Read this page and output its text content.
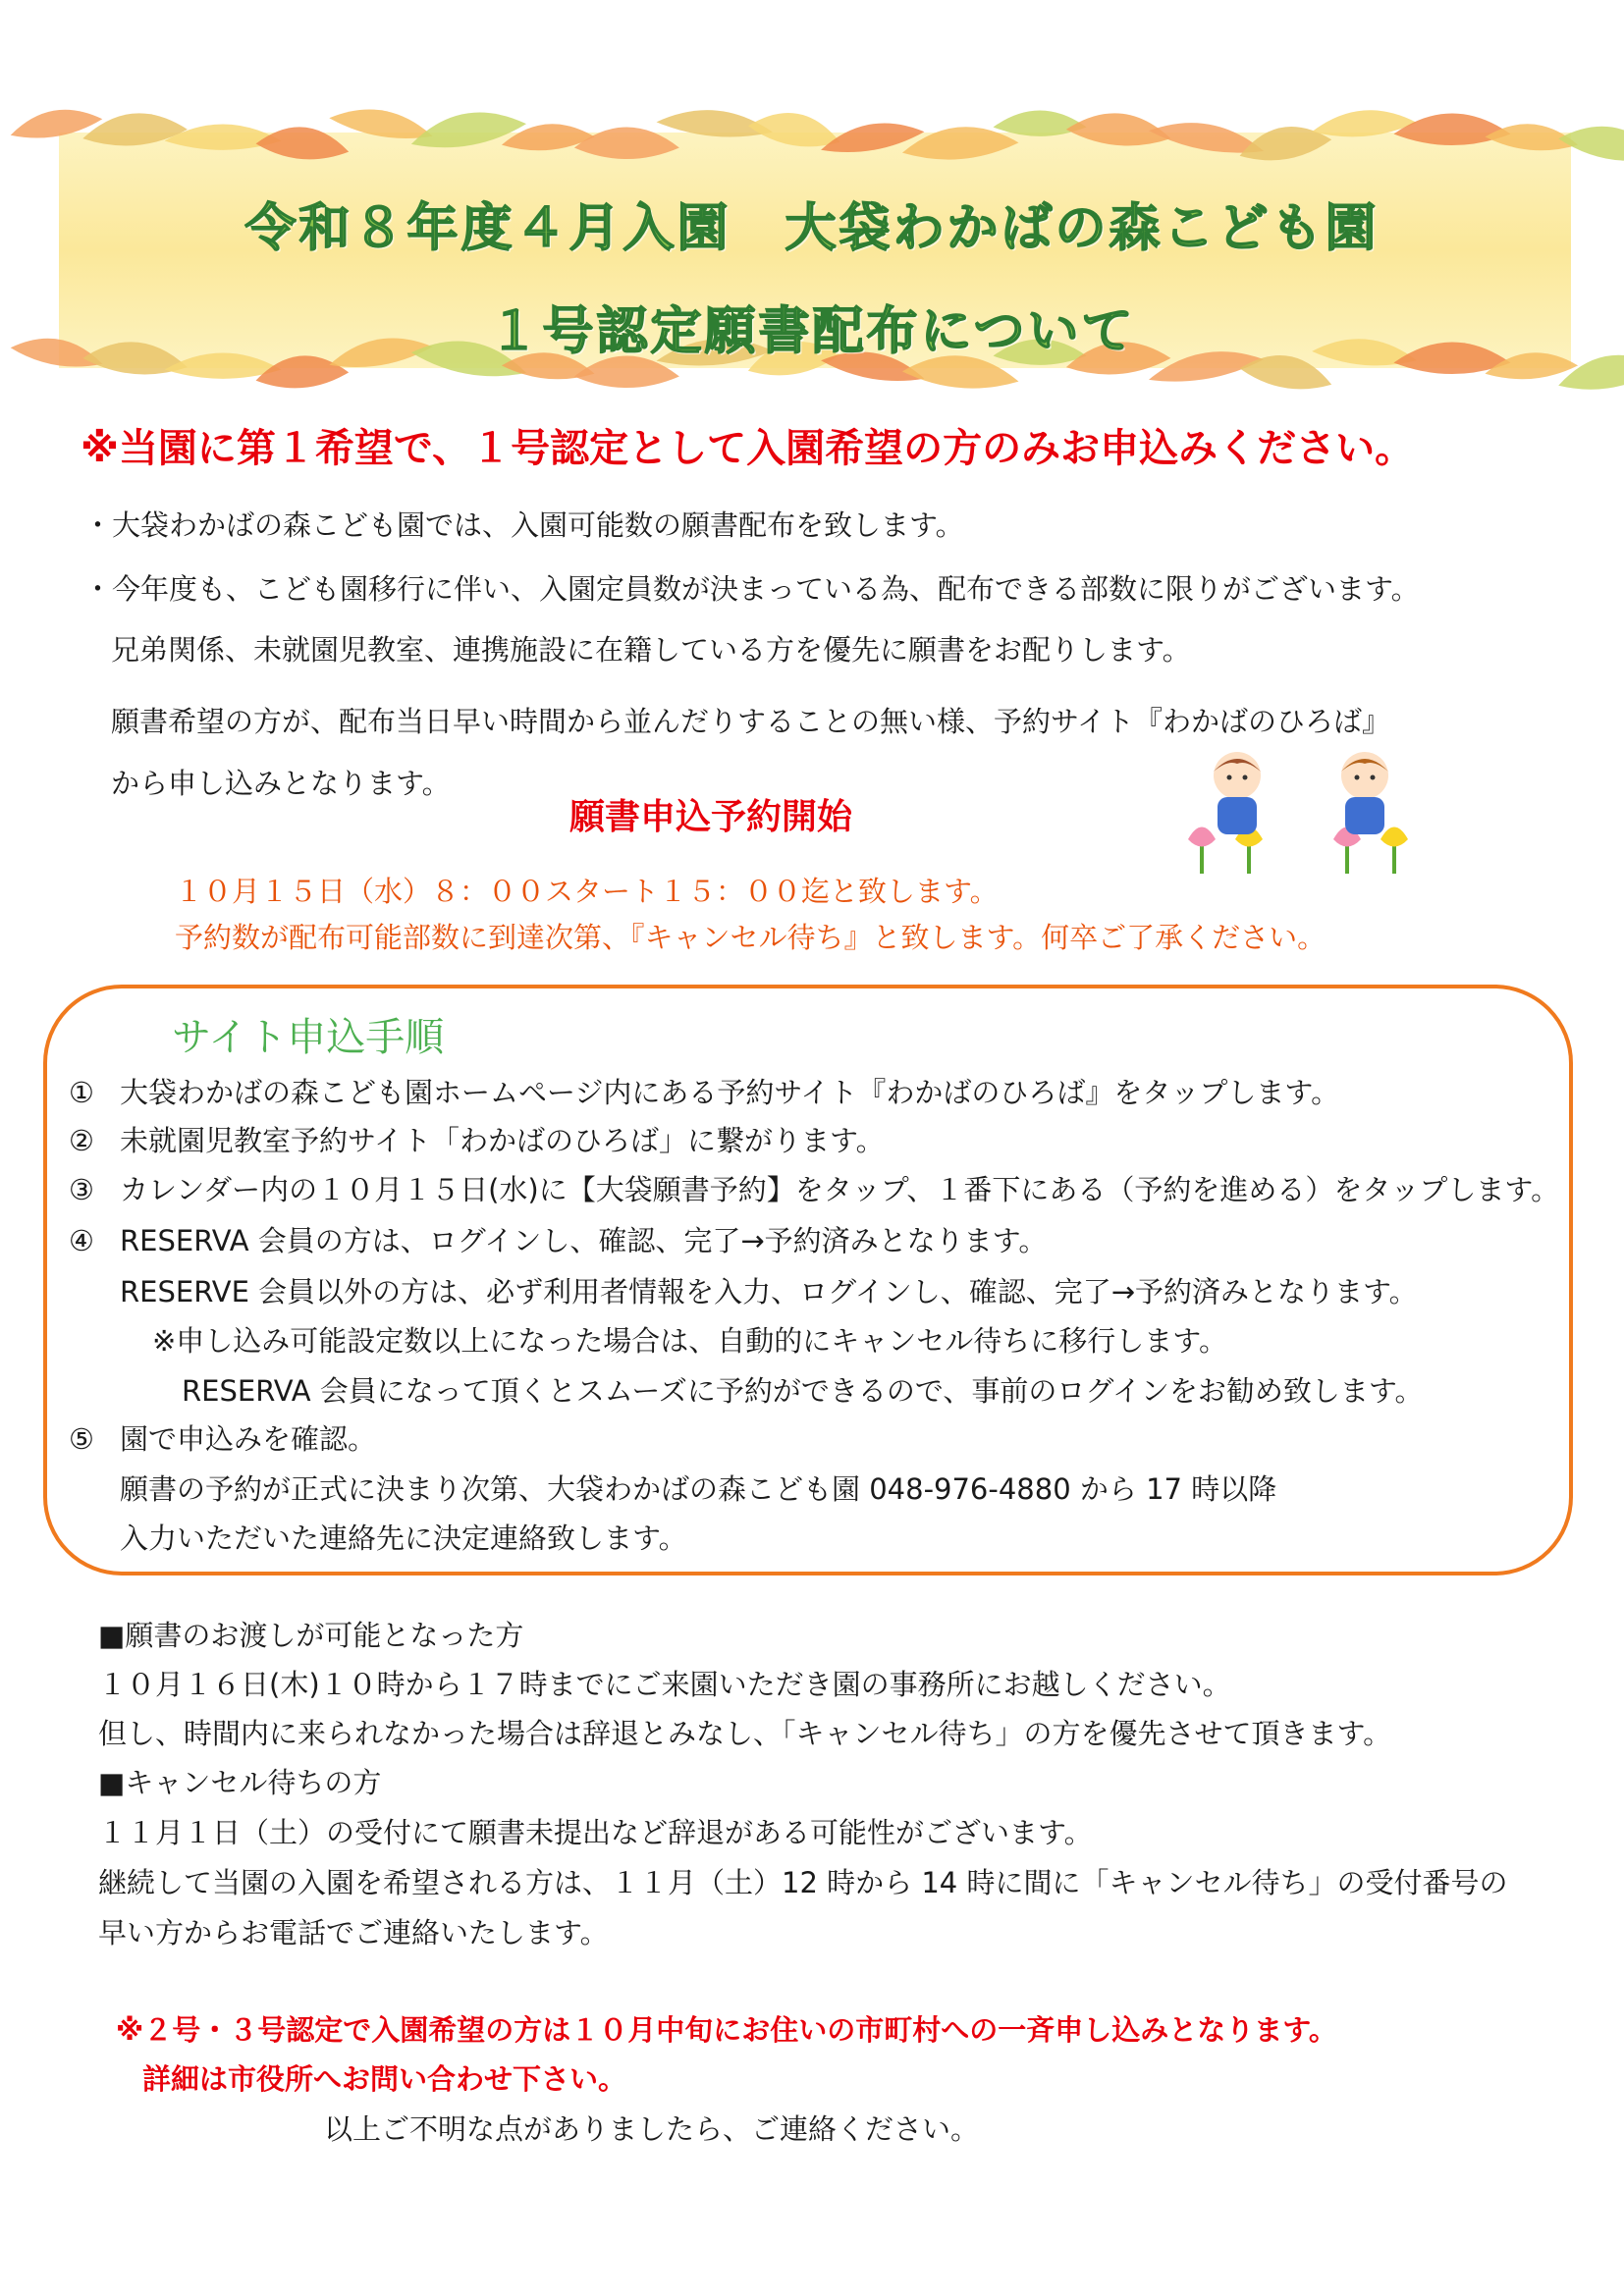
令和８年度４月入園　大袋わかばの森こども園
１号認定願書配布について
※当園に第１希望で、１号認定として入園希望の方のみお申込みください。
・大袋わかばの森こども園では、入園可能数の願書配布を致します。
・今年度も、こども園移行に伴い、入園定員数が決まっている為、配布できる部数に限りがございます。
兄弟関係、未就園児教室、連携施設に在籍している方を優先に願書をお配りします。
願書希望の方が、配布当日早い時間から並んだりすることの無い様、予約サイト『わかばのひろば』
から申し込みとなります。
願書申込予約開始
１０月１５日（水）８：００スタート１５：００迄と致します。
予約数が配布可能部数に到達次第、『キャンセル待ち』と致します。何卒ご了承ください。
サイト申込手順
① 大袋わかばの森こども園ホームページ内にある予約サイト『わかばのひろば』をタップします。
② 未就園児教室予約サイト「わかばのひろば」に繋がります。
③ カレンダー内の１０月１５日(水)に【大袋願書予約】をタップ、１番下にある（予約を進める）をタップします。
④ RESERVA 会員の方は、ログインし、確認、完了→予約済みとなります。
RESERVE 会員以外の方は、必ず利用者情報を入力、ログインし、確認、完了→予約済みとなります。
※申し込み可能設定数以上になった場合は、自動的にキャンセル待ちに移行します。
RESERVA 会員になって頂くとスムーズに予約ができるので、事前のログインをお勧め致します。
⑤ 園で申込みを確認。
願書の予約が正式に決まり次第、大袋わかばの森こども園 048-976-4880 から 17 時以降
入力いただいた連絡先に決定連絡致します。
■願書のお渡しが可能となった方
１０月１６日(木)１０時から１７時までにご来園いただき園の事務所にお越しください。
但し、時間内に来られなかった場合は辞退とみなし、「キャンセル待ち」の方を優先させて頂きます。
■キャンセル待ちの方
１１月１日（土）の受付にて願書未提出など辞退がある可能性がございます。
継続して当園の入園を希望される方は、１１月（土）12 時から 14 時に間に「キャンセル待ち」の受付番号の
早い方からお電話でご連絡いたします。
※２号・３号認定で入園希望の方は１０月中旬にお住いの市町村への一斉申し込みとなります。
詳細は市役所へお問い合わせ下さい。
以上ご不明な点がありましたら、ご連絡ください。
